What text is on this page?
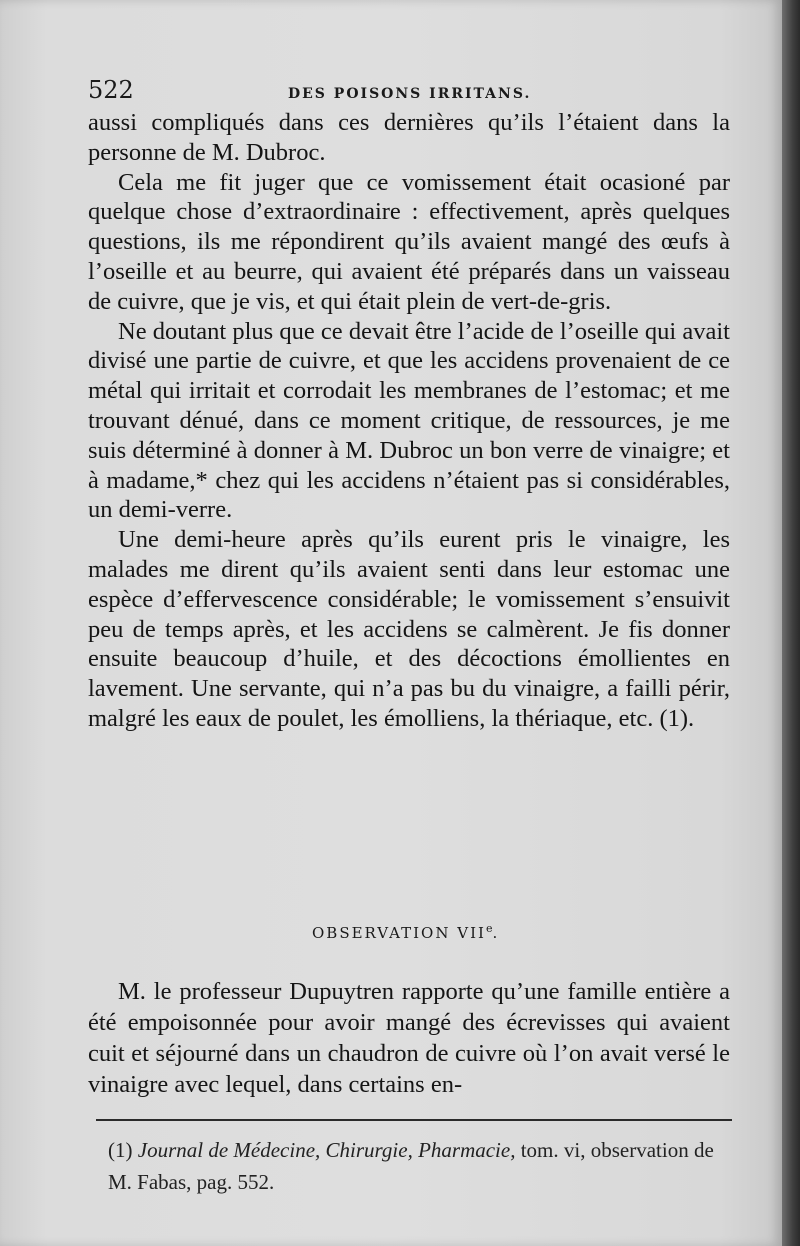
522	DES POISONS IRRITANS.

aussi compliqués dans ces dernières qu’ils l’étaient dans la personne de M. Dubroc.

Cela me fit juger que ce vomissement était ocasioné par quelque chose d’extraordinaire : effectivement, après quelques questions, ils me répondirent qu’ils avaient mangé des œufs à l’oseille et au beurre, qui avaient été préparés dans un vaisseau de cuivre, que je vis, et qui était plein de vert-de-gris.

Ne doutant plus que ce devait être l’acide de l’oseille qui avait divisé une partie de cuivre, et que les accidens provenaient de ce métal qui irritait et corrodait les membranes de l’estomac; et me trouvant dénué, dans ce moment critique, de ressources, je me suis déterminé à donner à M. Dubroc un bon verre de vinaigre; et à madame,* chez qui les accidens n’étaient pas si considérables, un demi-verre.

Une demi-heure après qu’ils eurent pris le vinaigre, les malades me dirent qu’ils avaient senti dans leur estomac une espèce d’effervescence considérable; le vomissement s’ensuivit peu de temps après, et les accidens se calmèrent. Je fis donner ensuite beaucoup d’huile, et des décoctions émollientes en lavement. Une servante, qui n’a pas bu du vinaigre, a failli périr, malgré les eaux de poulet, les émolliens, la thériaque, etc. (1).

OBSERVATION VIIe.
M. le professeur Dupuytren rapporte qu’une famille entière a été empoisonnée pour avoir mangé des écrevisses qui avaient cuit et séjourné dans un chaudron de cuivre où l’on avait versé le vinaigre avec lequel, dans certains en-
(1) Journal de Médecine, Chirurgie, Pharmacie, tom. vi, observation de M. Fabas, pag. 552.
